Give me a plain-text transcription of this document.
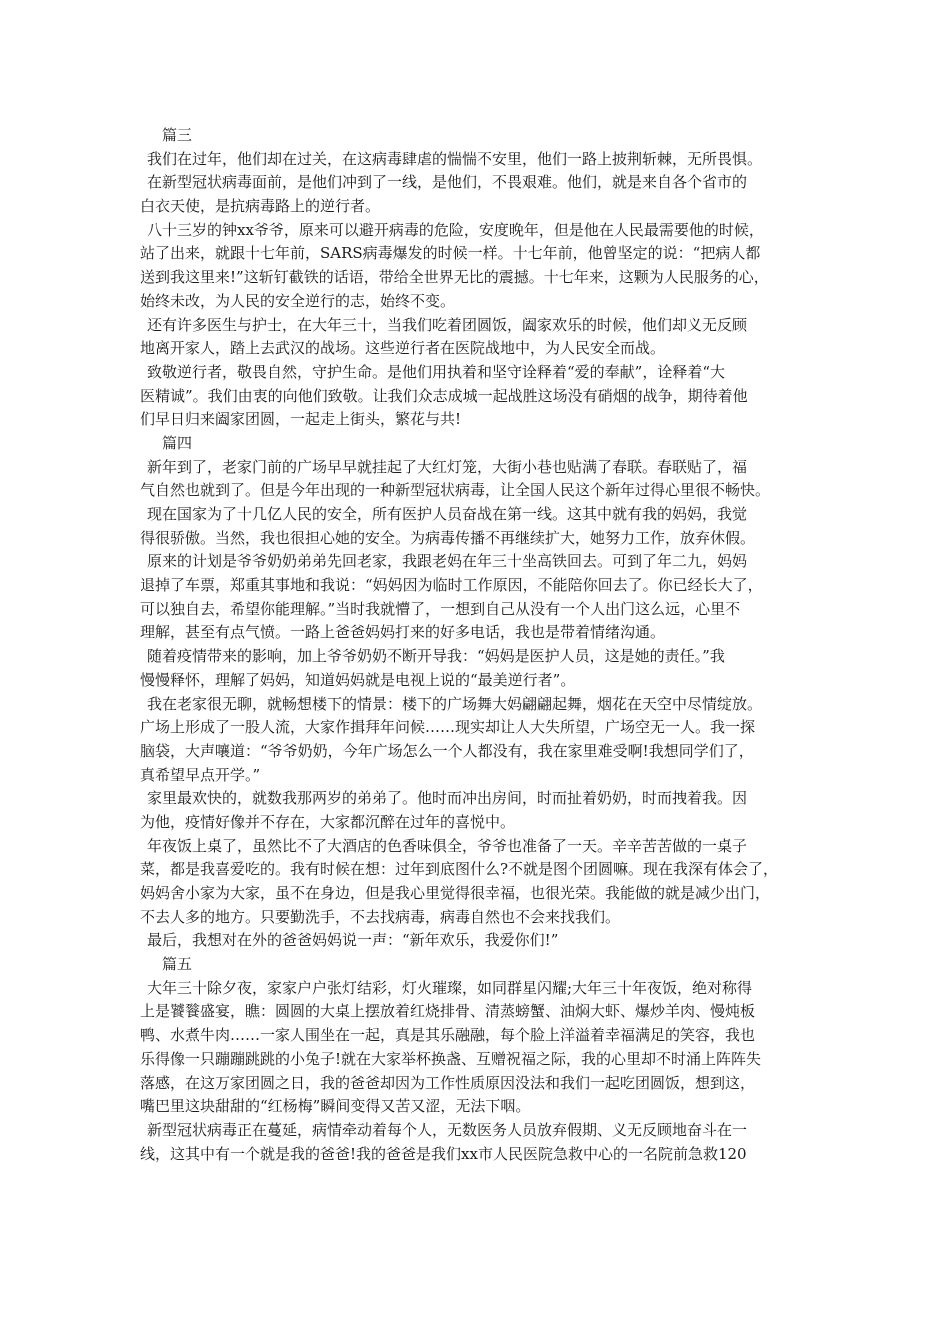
篇三
我们在过年，他们却在过关，在这病毒肆虐的惴惴不安里，他们一路上披荆斩棘，无所畏惧。
在新型冠状病毒面前，是他们冲到了一线，是他们，不畏艰难。他们，就是来自各个省市的
白衣天使，是抗病毒路上的逆行者。
八十三岁的钟xx爷爷，原来可以避开病毒的危险，安度晚年，但是他在人民最需要他的时候，
站了出来，就跟十七年前，SARS病毒爆发的时候一样。十七年前，他曾坚定的说：“把病人都
送到我这里来!”这斩钉截铁的话语，带给全世界无比的震撼。十七年来，这颗为人民服务的心，
始终未改，为人民的安全逆行的志，始终不变。
还有许多医生与护士，在大年三十，当我们吃着团圆饭，阖家欢乐的时候，他们却义无反顾
地离开家人，踏上去武汉的战场。这些逆行者在医院战地中，为人民安全而战。
致敬逆行者，敬畏自然，守护生命。是他们用执着和坚守诠释着“爱的奉献”，诠释着“大
医精诚”。我们由衷的向他们致敬。让我们众志成城一起战胜这场没有硝烟的战争，期待着他
们早日归来阖家团圆，一起走上街头，繁花与共!
篇四
新年到了，老家门前的广场早早就挂起了大红灯笼，大街小巷也贴满了春联。春联贴了，福
气自然也就到了。但是今年出现的一种新型冠状病毒，让全国人民这个新年过得心里很不畅快。
现在国家为了十几亿人民的安全，所有医护人员奋战在第一线。这其中就有我的妈妈，我觉
得很骄傲。当然，我也很担心她的安全。为病毒传播不再继续扩大，她努力工作，放弃休假。
原来的计划是爷爷奶奶弟弟先回老家，我跟老妈在年三十坐高铁回去。可到了年二九，妈妈
退掉了车票，郑重其事地和我说：“妈妈因为临时工作原因，不能陪你回去了。你已经长大了，
可以独自去，希望你能理解。”当时我就懵了，一想到自己从没有一个人出门这么远，心里不
理解，甚至有点气愤。一路上爸爸妈妈打来的好多电话，我也是带着情绪沟通。
随着疫情带来的影响，加上爷爷奶奶不断开导我：“妈妈是医护人员，这是她的责任。”我
慢慢释怀，理解了妈妈，知道妈妈就是电视上说的“最美逆行者”。
我在老家很无聊，就畅想楼下的情景：楼下的广场舞大妈翩翩起舞，烟花在天空中尽情绽放。
广场上形成了一股人流，大家作揖拜年问候……现实却让人大失所望，广场空无一人。我一探
脑袋，大声嚷道：“爷爷奶奶，今年广场怎么一个人都没有，我在家里难受啊!我想同学们了，
真希望早点开学。”
家里最欢快的，就数我那两岁的弟弟了。他时而冲出房间，时而扯着奶奶，时而拽着我。因
为他，疫情好像并不存在，大家都沉醉在过年的喜悦中。
年夜饭上桌了，虽然比不了大酒店的色香味俱全，爷爷也准备了一天。辛辛苦苦做的一桌子
菜，都是我喜爱吃的。我有时候在想：过年到底图什么?不就是图个团圆嘛。现在我深有体会了，
妈妈舍小家为大家，虽不在身边，但是我心里觉得很幸福，也很光荣。我能做的就是减少出门，
不去人多的地方。只要勤洗手，不去找病毒，病毒自然也不会来找我们。
最后，我想对在外的爸爸妈妈说一声：“新年欢乐，我爱你们!”
篇五
大年三十除夕夜，家家户户张灯结彩，灯火璀璨，如同群星闪耀;大年三十年夜饭，绝对称得
上是饕餮盛宴，瞧：圆圆的大桌上摆放着红烧排骨、清蒸螃蟹、油焖大虾、爆炒羊肉、慢炖板
鸭、水煮牛肉……一家人围坐在一起，真是其乐融融，每个脸上洋溢着幸福满足的笑容，我也
乐得像一只蹦蹦跳跳的小兔子!就在大家举杯换盏、互赠祝福之际，我的心里却不时涌上阵阵失
落感，在这万家团圆之日，我的爸爸却因为工作性质原因没法和我们一起吃团圆饭，想到这，
嘴巴里这块甜甜的“红杨梅”瞬间变得又苦又涩，无法下咽。
新型冠状病毒正在蔓延，病情牵动着每个人，无数医务人员放弃假期、义无反顾地奋斗在一
线，这其中有一个就是我的爸爸!我的爸爸是我们xx市人民医院急救中心的一名院前急救120
